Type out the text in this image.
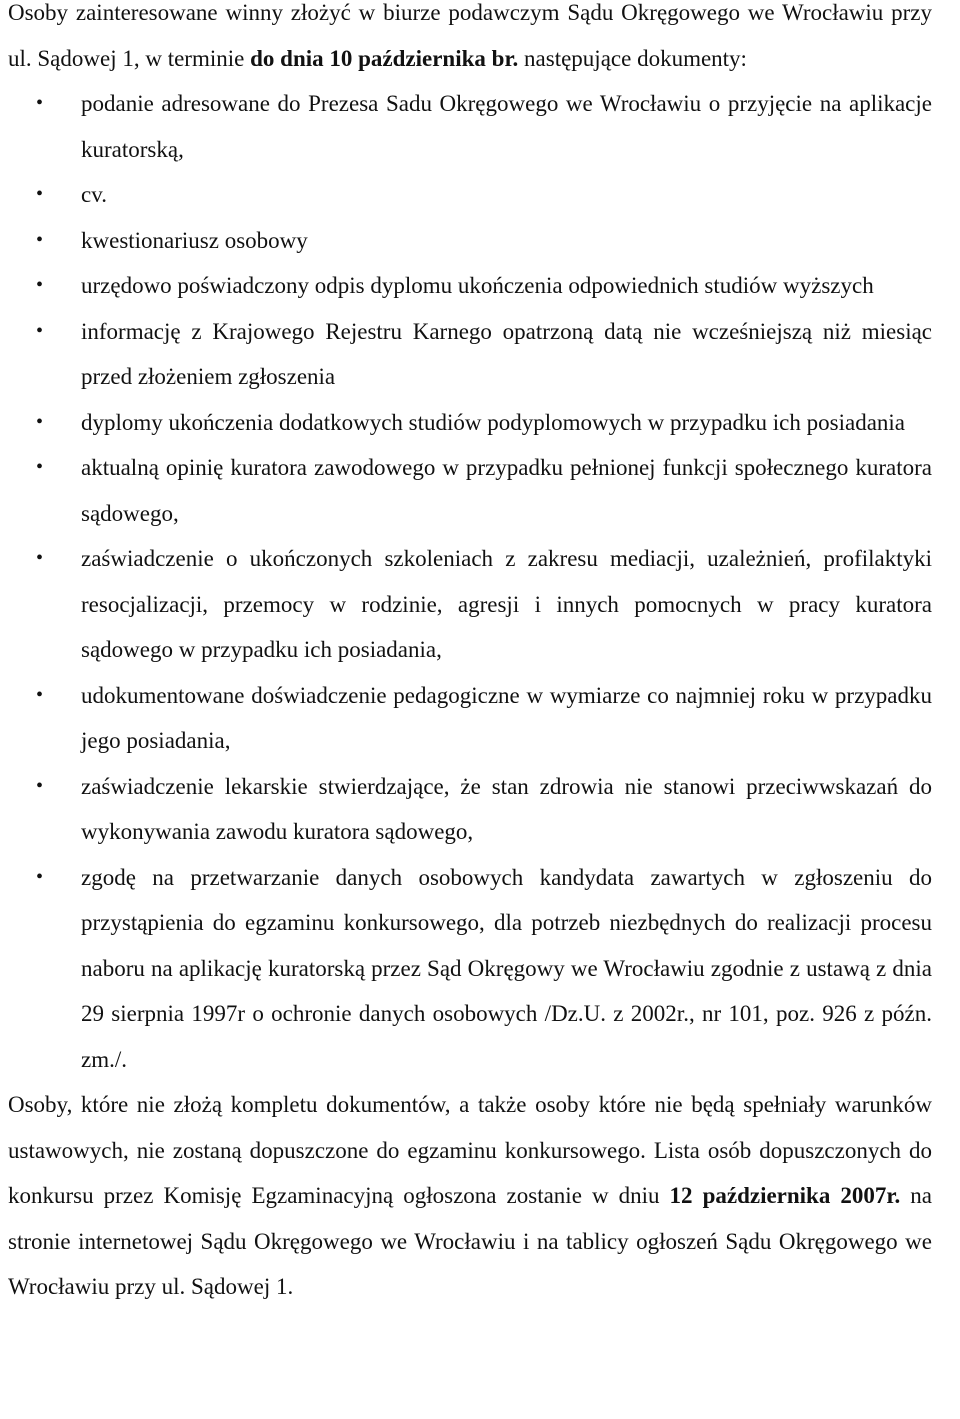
Osoby zainteresowane winny złożyć w biurze podawczym Sądu Okręgowego we Wrocławiu przy ul. Sądowej 1, w terminie do dnia 10 października br. następujące dokumenty:

• podanie adresowane do Prezesa Sadu Okręgowego we Wrocławiu o przyjęcie na aplikacje kuratorską,
• cv.
• kwestionariusz osobowy
• urzędowo poświadczony odpis dyplomu ukończenia odpowiednich studiów wyższych
• informację z Krajowego Rejestru Karnego opatrzoną datą nie wcześniejszą niż miesiąc przed złożeniem zgłoszenia
• dyplomy ukończenia dodatkowych studiów podyplomowych w przypadku ich posiadania
• aktualną opinię kuratora zawodowego w przypadku pełnionej funkcji społecznego kuratora sądowego,
• zaświadczenie o ukończonych szkoleniach z zakresu mediacji, uzależnień, profilaktyki resocjalizacji, przemocy w rodzinie, agresji i innych pomocnych w pracy kuratora sądowego w przypadku ich posiadania,
• udokumentowane doświadczenie pedagogiczne w wymiarze co najmniej roku w przypadku jego posiadania,
• zaświadczenie lekarskie stwierdzające, że stan zdrowia nie stanowi przeciwwskazań do wykonywania zawodu kuratora sądowego,
• zgodę na przetwarzanie danych osobowych kandydata zawartych w zgłoszeniu do przystąpienia do egzaminu konkursowego, dla potrzeb niezbędnych do realizacji procesu naboru na aplikację kuratorską przez Sąd Okręgowy we Wrocławiu zgodnie z ustawą z dnia 29 sierpnia 1997r o ochronie danych osobowych /Dz.U. z 2002r., nr 101, poz. 926 z późn. zm./.

Osoby, które nie złożą kompletu dokumentów, a także osoby które nie będą spełniały warunków ustawowych, nie zostaną dopuszczone do egzaminu konkursowego. Lista osób dopuszczonych do konkursu przez Komisję Egzaminacyjną ogłoszona zostanie w dniu 12 października 2007r. na stronie internetowej Sądu Okręgowego we Wrocławiu i na tablicy ogłoszeń Sądu Okręgowego we Wrocławiu przy ul. Sądowej 1.
